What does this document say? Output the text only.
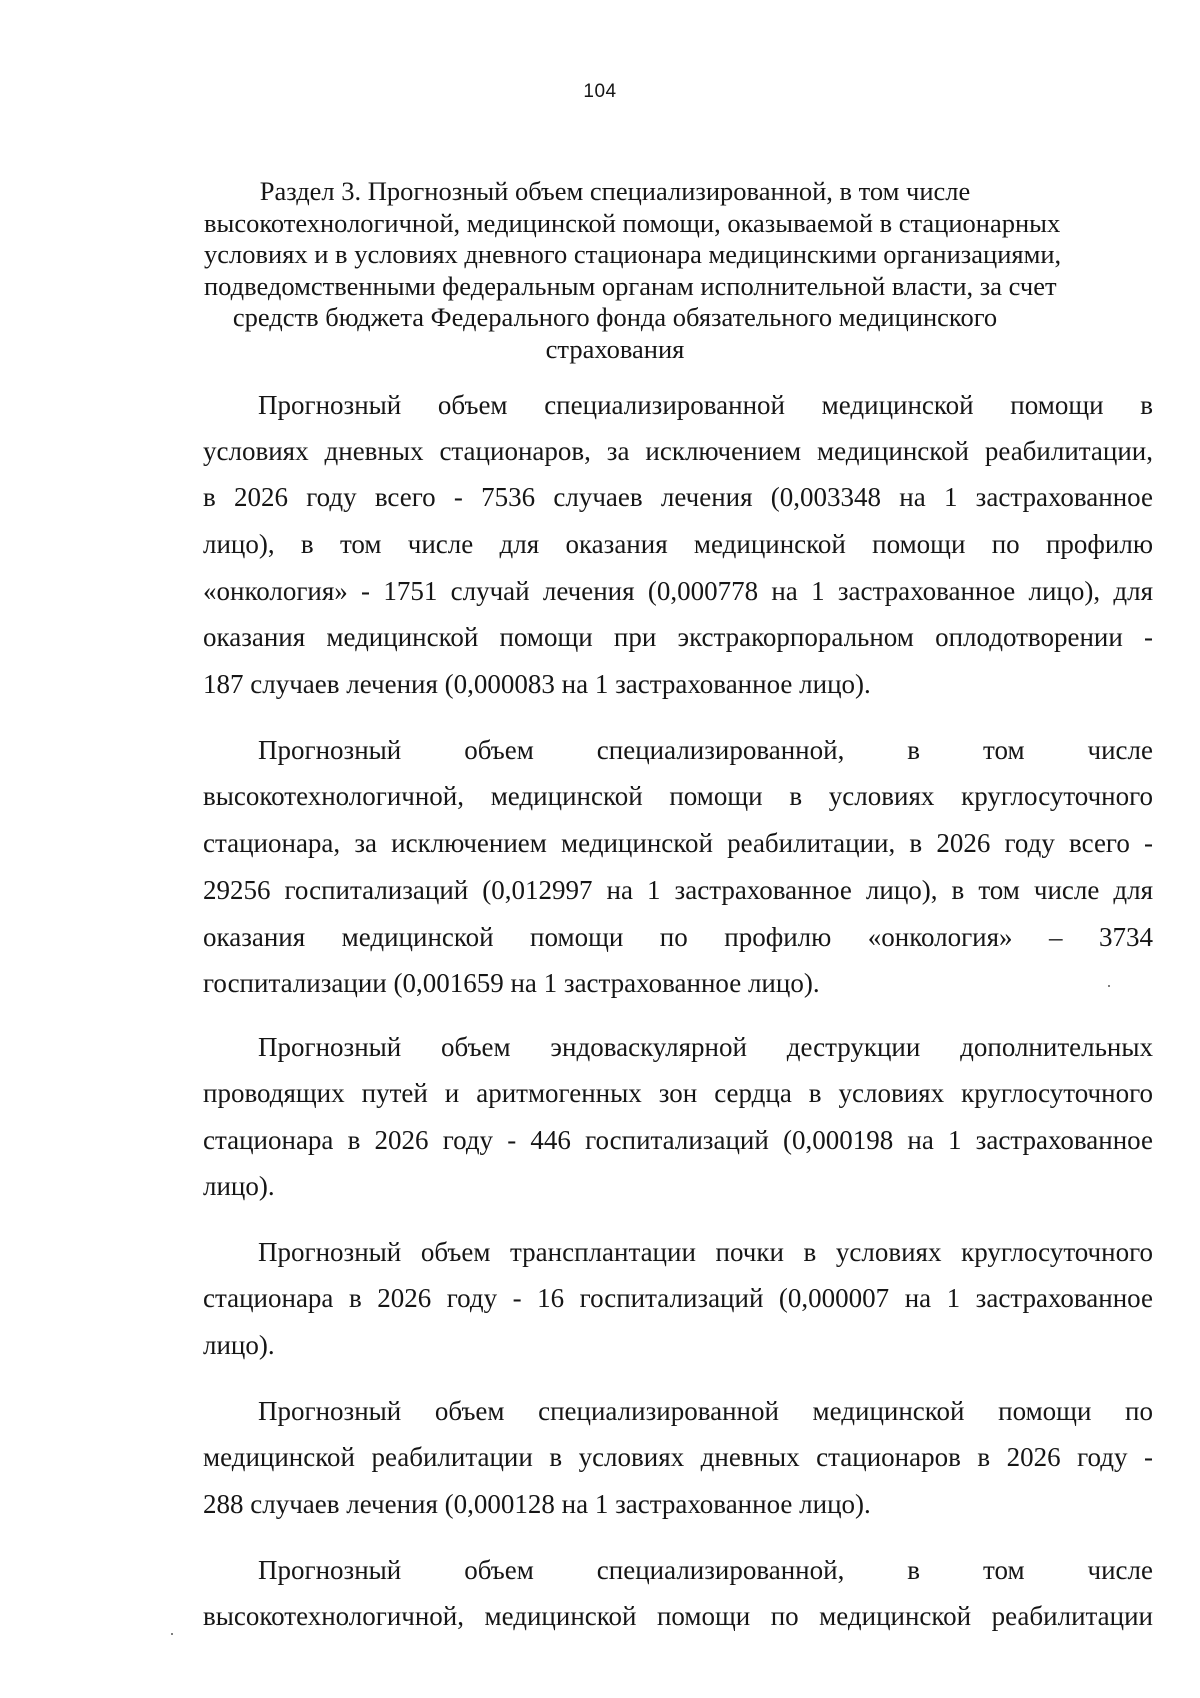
104
Раздел 3. Прогнозный объем специализированной, в том числе
высокотехнологичной, медицинской помощи, оказываемой в стационарных
условиях и в условиях дневного стационара медицинскими организациями,
подведомственными федеральным органам исполнительной власти, за счет
средств бюджета Федерального фонда обязательного медицинского
страхования
Прогнозный объем специализированной медицинской помощи в
условиях дневных стационаров, за исключением медицинской реабилитации,
в 2026 году всего - 7536 случаев лечения (0,003348 на 1 застрахованное
лицо), в том числе для оказания медицинской помощи по профилю
«онкология» - 1751 случай лечения (0,000778 на 1 застрахованное лицо), для
оказания медицинской помощи при экстракорпоральном оплодотворении -
187 случаев лечения (0,000083 на 1 застрахованное лицо).
Прогнозный объем специализированной, в том числе
высокотехнологичной, медицинской помощи в условиях круглосуточного
стационара, за исключением медицинской реабилитации, в 2026 году всего -
29256 госпитализаций (0,012997 на 1 застрахованное лицо), в том числе для
оказания медицинской помощи по профилю «онкология» – 3734
госпитализации (0,001659 на 1 застрахованное лицо).
Прогнозный объем эндоваскулярной деструкции дополнительных
проводящих путей и аритмогенных зон сердца в условиях круглосуточного
стационара в 2026 году - 446 госпитализаций (0,000198 на 1 застрахованное
лицо).
Прогнозный объем трансплантации почки в условиях круглосуточного
стационара в 2026 году - 16 госпитализаций (0,000007 на 1 застрахованное
лицо).
Прогнозный объем специализированной медицинской помощи по
медицинской реабилитации в условиях дневных стационаров в 2026 году -
288 случаев лечения (0,000128 на 1 застрахованное лицо).
Прогнозный объем специализированной, в том числе
высокотехнологичной, медицинской помощи по медицинской реабилитации
